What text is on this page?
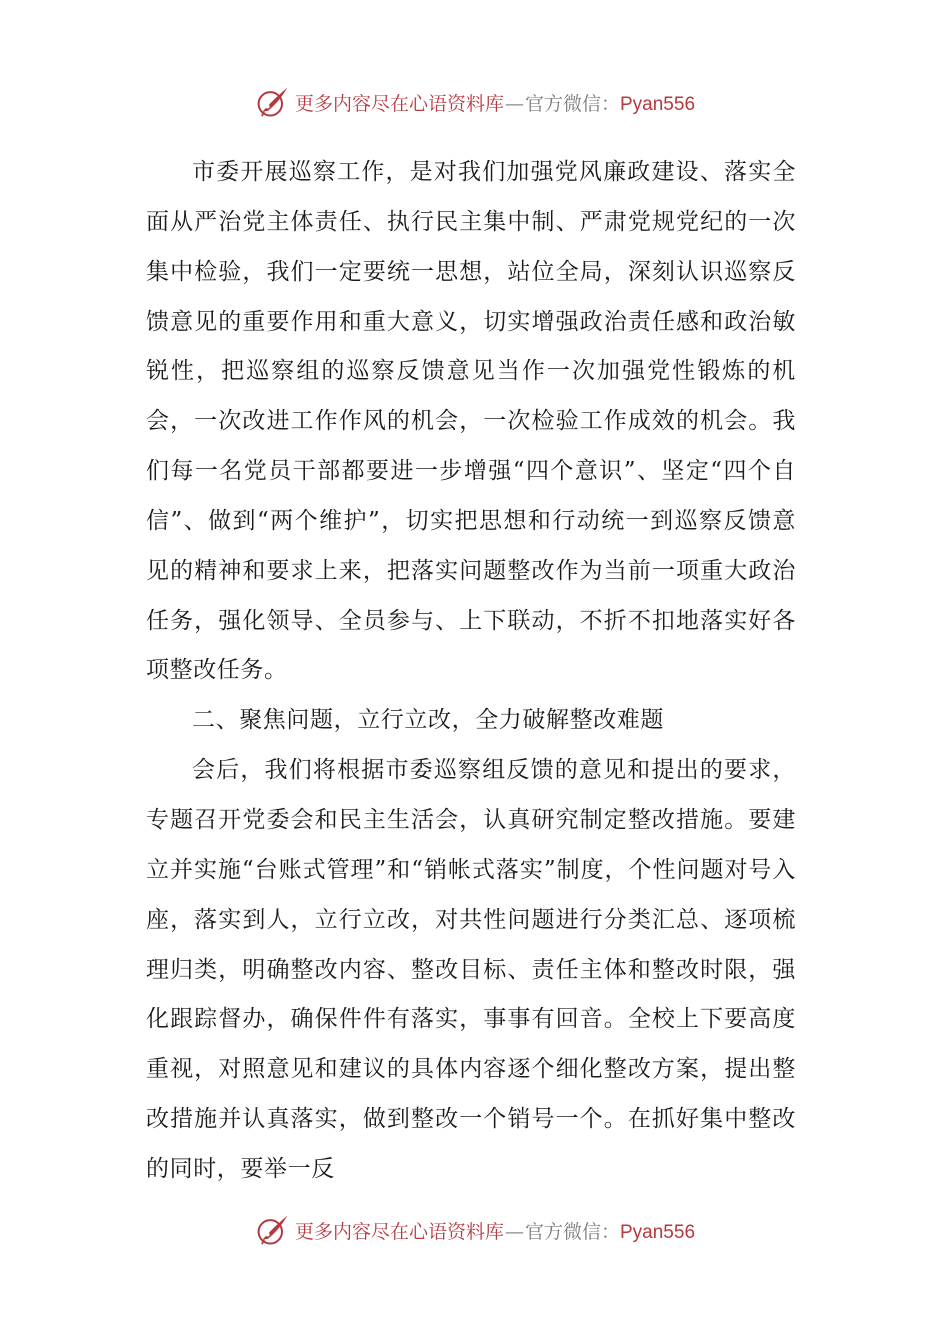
更多内容尽在心语资料库 — 官方微信： Pyan556

市委开展巡察工作，是对我们加强党风廉政建设、落实全面从严治党主体责任、执行民主集中制、严肃党规党纪的一次集中检验，我们一定要统一思想，站位全局，深刻认识巡察反馈意见的重要作用和重大意义，切实增强政治责任感和政治敏锐性，把巡察组的巡察反馈意见当作一次加强党性锻炼的机会，一次改进工作作风的机会，一次检验工作成效的机会。我们每一名党员干部都要进一步增强“四个意识”、坚定“四个自信”、做到“两个维护”，切实把思想和行动统一到巡察反馈意见的精神和要求上来，把落实问题整改作为当前一项重大政治任务，强化领导、全员参与、上下联动，不折不扣地落实好各项整改任务。

二、聚焦问题，立行立改，全力破解整改难题

会后，我们将根据市委巡察组反馈的意见和提出的要求，专题召开党委会和民主生活会，认真研究制定整改措施。要建立并实施“台账式管理”和“销帐式落实”制度，个性问题对号入座，落实到人，立行立改，对共性问题进行分类汇总、逐项梳理归类，明确整改内容、整改目标、责任主体和整改时限，强化跟踪督办，确保件件有落实，事事有回音。全校上下要高度重视，对照意见和建议的具体内容逐个细化整改方案，提出整改措施并认真落实，做到整改一个销号一个。在抓好集中整改的同时，要举一反

更多内容尽在心语资料库 — 官方微信： Pyan556
